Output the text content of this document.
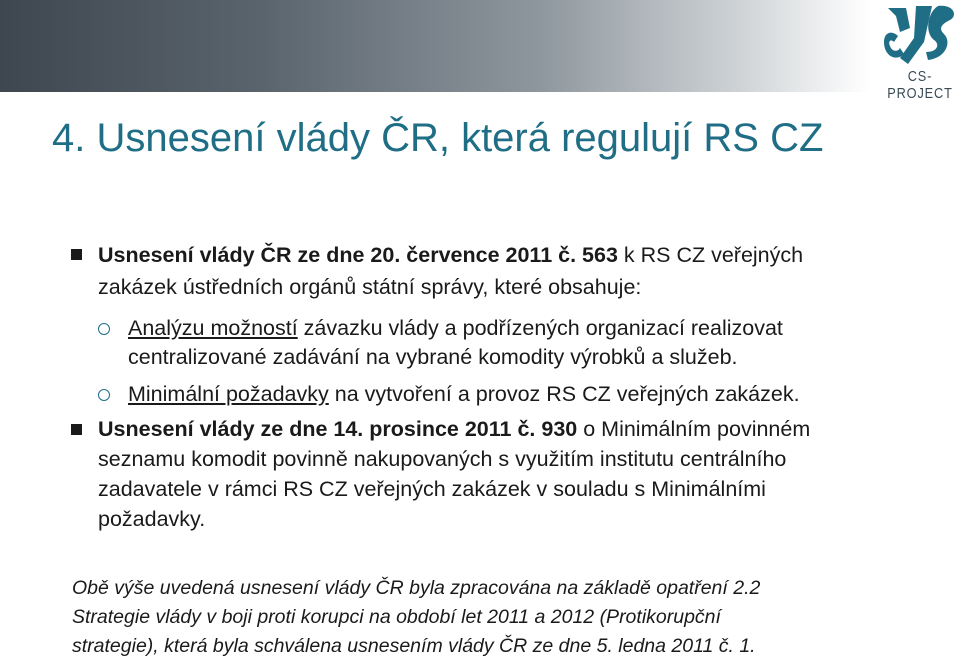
CS-PROJECT
4. Usnesení vlády ČR, která regulují RS CZ
Usnesení vlády ČR ze dne 20. července 2011 č. 563 k RS CZ veřejných
zakázek ústředních orgánů státní správy, které obsahuje:
Analýzu možností závazku vlády a podřízených organizací realizovat
centralizované zadávání na vybrané komodity výrobků a služeb.
Minimální požadavky na vytvoření a provoz RS CZ veřejných zakázek.
Usnesení vlády ze dne 14. prosince 2011 č. 930 o Minimálním povinném
seznamu komodit povinně nakupovaných s využitím institutu centrálního
zadavatele v rámci RS CZ veřejných zakázek v souladu s Minimálními
požadavky.
Obě výše uvedená usnesení vlády ČR byla zpracována na základě opatření 2.2
Strategie vlády v boji proti korupci na období let 2011 a 2012 (Protikorupční
strategie), která byla schválena usnesením vlády ČR ze dne 5. ledna 2011 č. 1.
